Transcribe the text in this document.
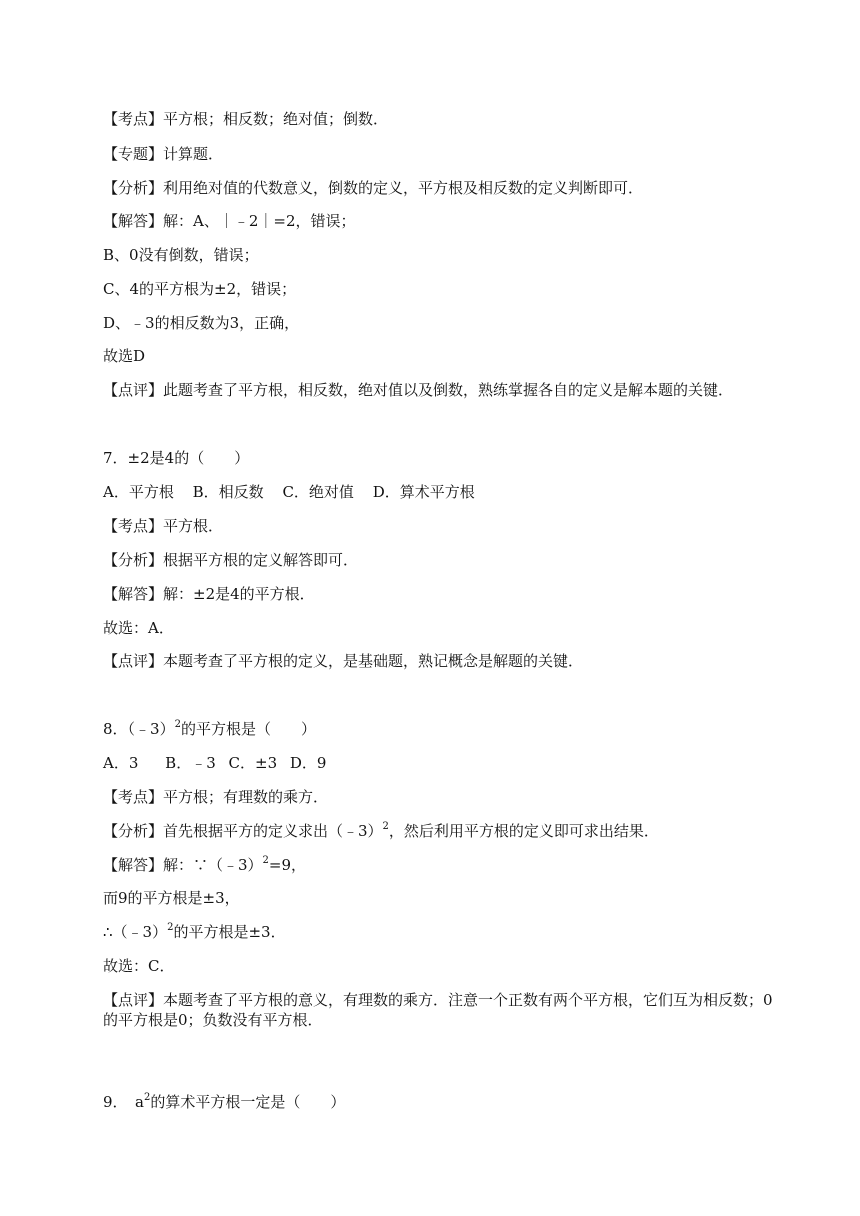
【考点】平方根；相反数；绝对值；倒数．
【专题】计算题．
【分析】利用绝对值的代数意义，倒数的定义，平方根及相反数的定义判断即可．
【解答】解：A、｜﹣2｜=2，错误；
B、0没有倒数，错误；
C、4的平方根为±2，错误；
D、﹣3的相反数为3，正确，
故选D
【点评】此题考查了平方根，相反数，绝对值以及倒数，熟练掌握各自的定义是解本题的关键．
7．±2是4的（　　）
A．平方根 B．相反数 C．绝对值 D．算术平方根
【考点】平方根．
【分析】根据平方根的定义解答即可．
【解答】解：±2是4的平方根．
故选：A．
【点评】本题考查了平方根的定义，是基础题，熟记概念是解题的关键．
8．（﹣3）$^2$的平方根是（　　）
A．3 B．﹣3 C．±3 D．9
【考点】平方根；有理数的乘方．
【分析】首先根据平方的定义求出（﹣3）$^2$，然后利用平方根的定义即可求出结果．
【解答】解：∵（﹣3）$^2$=9，
而9的平方根是±3，
∴（﹣3）$^2$的平方根是±3．
故选：C．
【点评】本题考查了平方根的意义，有理数的乘方．注意一个正数有两个平方根，它们互为相反数；0的平方根是0；负数没有平方根．
9．　$a^2$的算术平方根一定是（　　）
